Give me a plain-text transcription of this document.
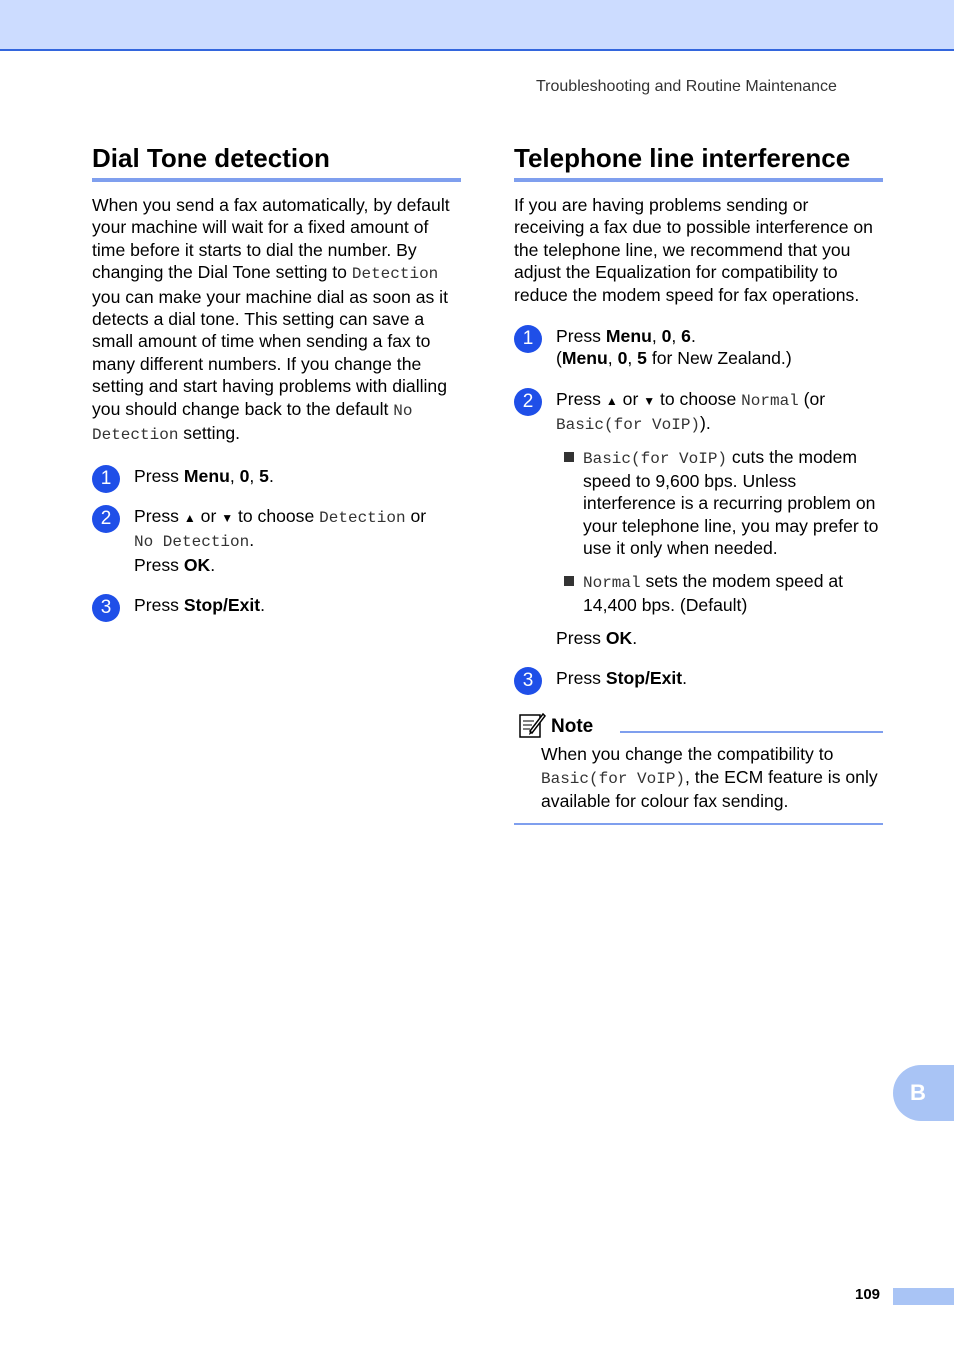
Troubleshooting and Routine Maintenance
Dial Tone detection

When you send a fax automatically, by default your machine will wait for a fixed amount of time before it starts to dial the number. By changing the Dial Tone setting to Detection you can make your machine dial as soon as it detects a dial tone. This setting can save a small amount of time when sending a fax to many different numbers. If you change the setting and start having problems with dialling you should change back to the default No Detection setting.

1	Press Menu, 0, 5.
2	Press ▲ or ▼ to choose Detection or
No Detection.
Press OK.
3	Press Stop/Exit.
Telephone line interference

If you are having problems sending or receiving a fax due to possible interference on the telephone line, we recommend that you adjust the Equalization for compatibility to reduce the modem speed for fax operations.

1	Press Menu, 0, 6.
(Menu, 0, 5 for New Zealand.)
2	Press ▲ or ▼ to choose Normal (or
Basic(for VoIP)).
Basic(for VoIP) cuts the modem speed to 9,600 bps. Unless interference is a recurring problem on your telephone line, you may prefer to use it only when needed.
Normal sets the modem speed at 14,400 bps. (Default)
Press OK.
3	Press Stop/Exit.
Note
When you change the compatibility to Basic(for VoIP), the ECM feature is only available for colour fax sending.
B
109
